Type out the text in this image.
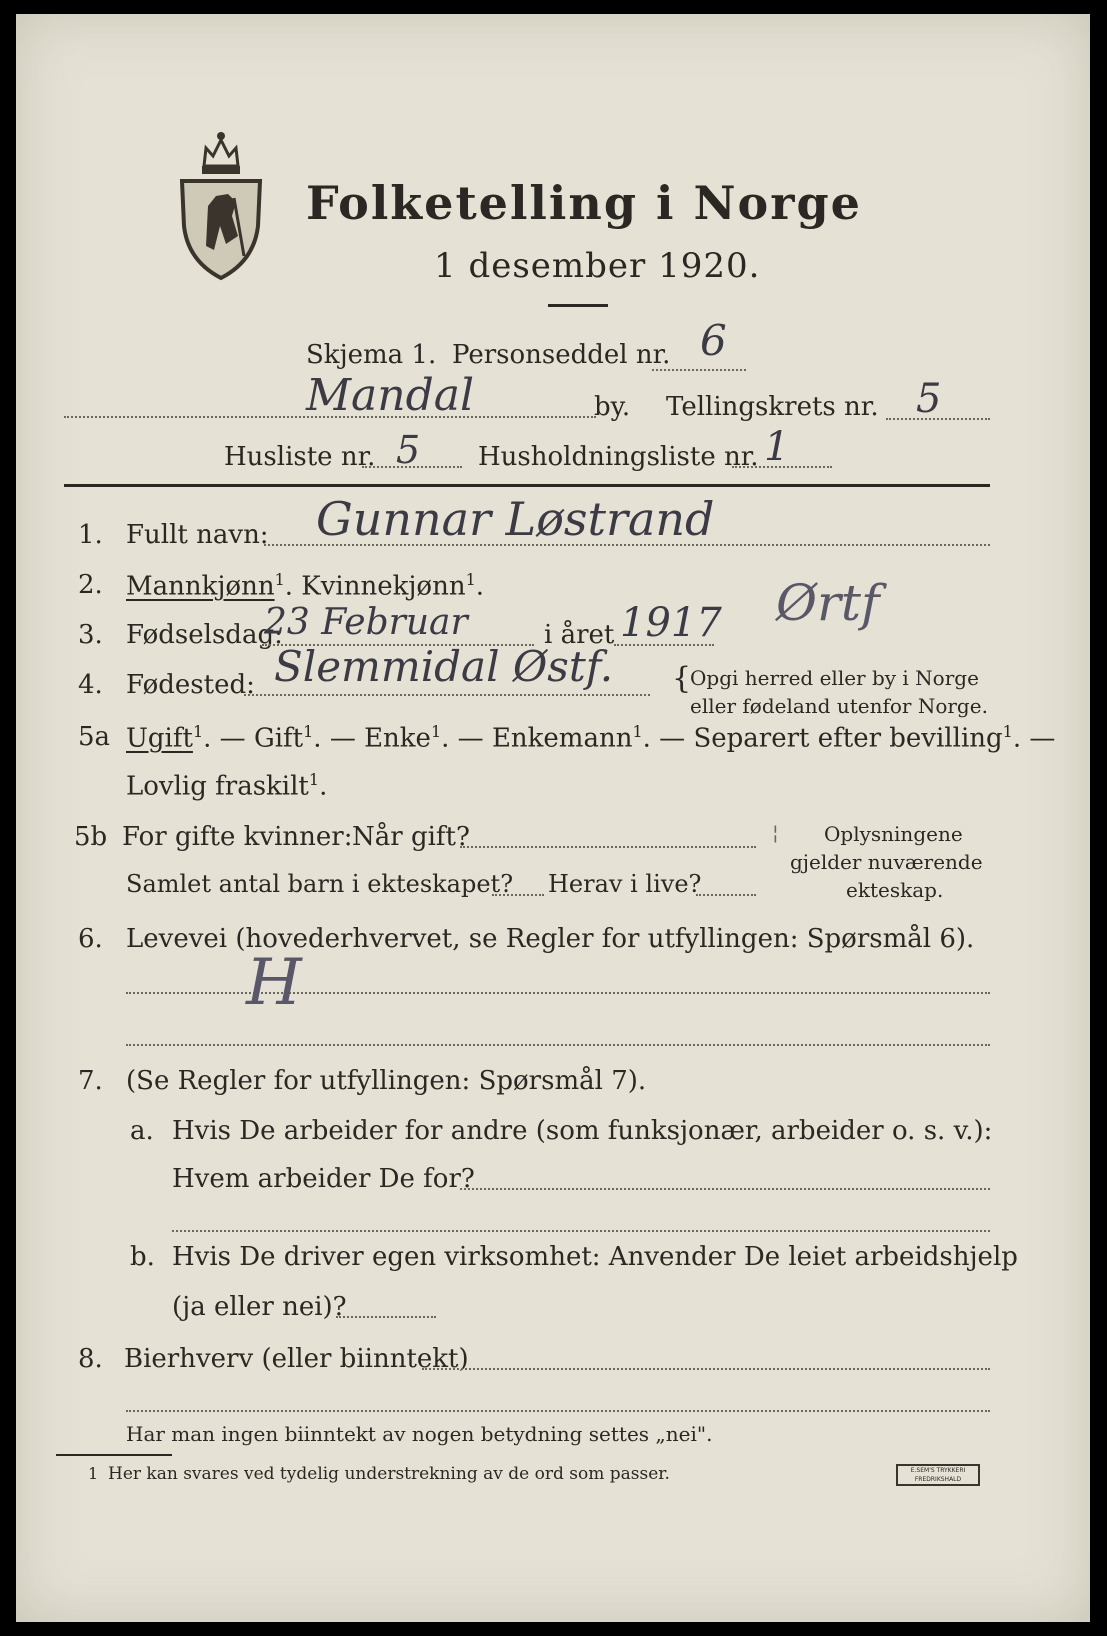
Folketelling i Norge
1 desember 1920.
Skjema 1. Personseddel nr. 6
Mandal	by. Tellingskrets nr. 5
Husliste nr. 5 Husholdningsliste nr. 1
1. Fullt navn: Gunnar Løstrand
2. Mannkjønn$^1$. Kvinnekjønn$^1$.
3. Fødselsdag:
23 Februar	i året 1917 Ørtf
4. Fødested: Slemmidal Østf. {
Opgi herred eller by i Norge
eller fødeland utenfor Norge.
5a Ugift$^1$. — Gift$^1$. — Enke$^1$. — Enkemann$^1$. — Separert efter bevilling$^1$. —
Lovlig fraskilt$^1$.
5b For gifte kvinner: Når gift?	¦ Oplysningene
gjelder nuværende
ekteskap.
Samlet antal barn i ekteskapet? Herav i live?
6. Levevei (hovederhvervet, se Regler for utfyllingen: Spørsmål 6).
H
7. (Se Regler for utfyllingen: Spørsmål 7).
a. Hvis De arbeider for andre (som funksjonær, arbeider o. s. v.):
Hvem arbeider De for?
b. Hvis De driver egen virksomhet: Anvender De leiet arbeidshjelp
(ja eller nei)?
8. Bierhverv (eller biinntekt)
Har man ingen biinntekt av nogen betydning settes „nei".
1 Her kan svares ved tydelig understrekning av de ord som passer.	E.SEM'S TRYKKERI
FREDRIKSHALD
